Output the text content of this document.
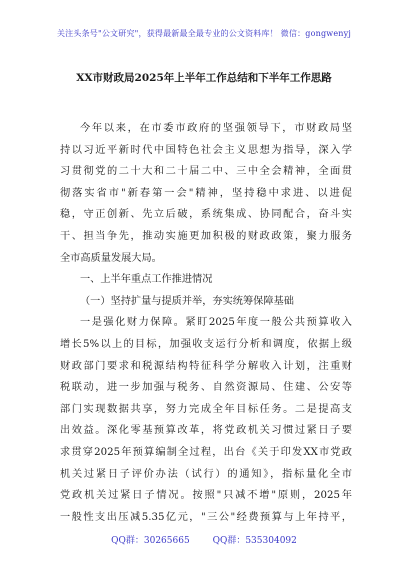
关注头条号"公文研究"，获得最新最全最专业的公文资料库！ 微信：gongwenyj
XX市财政局2025年上半年工作总结和下半年工作思路
今年以来，在市委市政府的坚强领导下，市财政局坚
持以习近平新时代中国特色社会主义思想为指导，深入学
习贯彻党的二十大和二十届二中、三中全会精神，全面贯
彻落实省市"新春第一会"精神，坚持稳中求进、以进促
稳，守正创新、先立后破，系统集成、协同配合，奋斗实
干、担当争先，推动实施更加积极的财政政策，聚力服务
全市高质量发展大局。
一、上半年重点工作推进情况
（一）坚持扩量与提质并举，夯实统筹保障基础
一是强化财力保障。紧盯2025年度一般公共预算收入
增长5%以上的目标，加强收支运行分析和调度，依据上级
财政部门要求和税源结构特征科学分解收入计划，注重财
税联动，进一步加强与税务、自然资源局、住建、公安等
部门实现数据共享，努力完成全年目标任务。二是提高支
出效益。深化零基预算改革，将党政机关习惯过紧日子要
求贯穿2025年预算编制全过程，出台《关于印发XX市党政
机关过紧日子评价办法（试行）的通知》，指标量化全市
党政机关过紧日子情况。按照"只减不增"原则，2025年
一般性支出压减5.35亿元，"三公"经费预算与上年持平，
QQ群：30265665	QQ群：535304092
